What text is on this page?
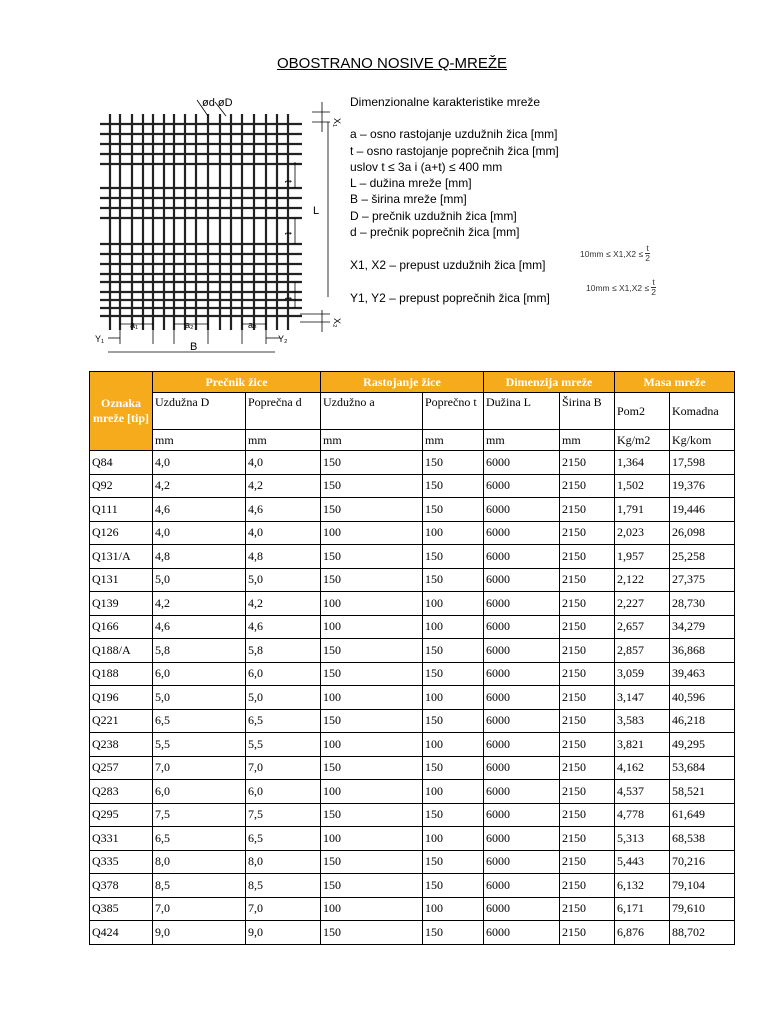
OBOSTRANO NOSIVE Q-MREŽE
ød øD
X₁
L
t
t
t
X₂
a₁	a₂	aₙ
Y₁	Y₂
B

Dimenzionalne karakteristike mreže

a – osno rastojanje uzdužnih žica [mm]

t – osno rastojanje poprečnih žica [mm]

uslov t ≤ 3a i (a+t) ≤ 400 mm

L – dužina mreže [mm]

B – širina mreže [mm]

D – prečnik uzdužnih žica [mm]

d – prečnik poprečnih žica [mm]

X1, X2 – prepust uzdužnih žica [mm]

Y1, Y2 – prepust poprečnih žica [mm]

$10mm \le X1,X2 \le \frac{t}{2}$
$10mm \le X1,X2 \le \frac{t}{2}$
Oznaka mreže [tip]	Prečnik žice		Rastojanje žice		Dimenzija mreže		Masa mreže	
	Uzdužna D	Poprečna d	Uzdužno a	Poprečno t	Dužina L	Širina B	Pom2	Komadna
	mm	mm	mm	mm	mm	mm	Kg/m2	Kg/kom
Q84	4,0	4,0	150	150	6000	2150	1,364	17,598
Q92	4,2	4,2	150	150	6000	2150	1,502	19,376
Q111	4,6	4,6	150	150	6000	2150	1,791	19,446
Q126	4,0	4,0	100	100	6000	2150	2,023	26,098
Q131/A	4,8	4,8	150	150	6000	2150	1,957	25,258
Q131	5,0	5,0	150	150	6000	2150	2,122	27,375
Q139	4,2	4,2	100	100	6000	2150	2,227	28,730
Q166	4,6	4,6	100	100	6000	2150	2,657	34,279
Q188/A	5,8	5,8	150	150	6000	2150	2,857	36,868
Q188	6,0	6,0	150	150	6000	2150	3,059	39,463
Q196	5,0	5,0	100	100	6000	2150	3,147	40,596
Q221	6,5	6,5	150	150	6000	2150	3,583	46,218
Q238	5,5	5,5	100	100	6000	2150	3,821	49,295
Q257	7,0	7,0	150	150	6000	2150	4,162	53,684
Q283	6,0	6,0	100	100	6000	2150	4,537	58,521
Q295	7,5	7,5	150	150	6000	2150	4,778	61,649
Q331	6,5	6,5	100	100	6000	2150	5,313	68,538
Q335	8,0	8,0	150	150	6000	2150	5,443	70,216
Q378	8,5	8,5	150	150	6000	2150	6,132	79,104
Q385	7,0	7,0	100	100	6000	2150	6,171	79,610
Q424	9,0	9,0	150	150	6000	2150	6,876	88,702
